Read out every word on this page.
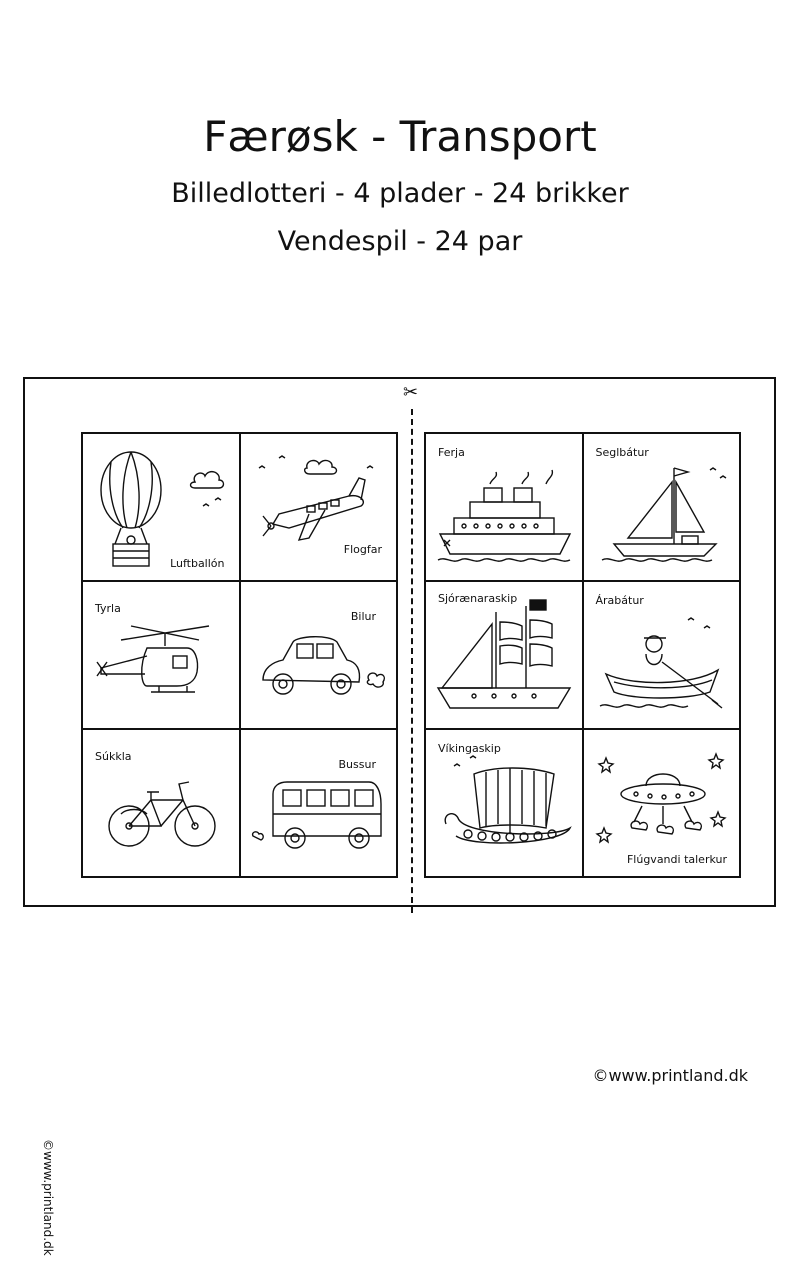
Færøsk - Transport
Billedlotteri - 4 plader - 24 brikker
Vendespil - 24 par
©www.printland.dk
✂
Luftballón
Flogfar
Tyrla
Bilur
Súkkla
Bussur
Ferja	Seglbátur
Sjórænaraskip	Árabátur
Víkingaskip
Flúgvandi talerkur
©www.printland.dk
